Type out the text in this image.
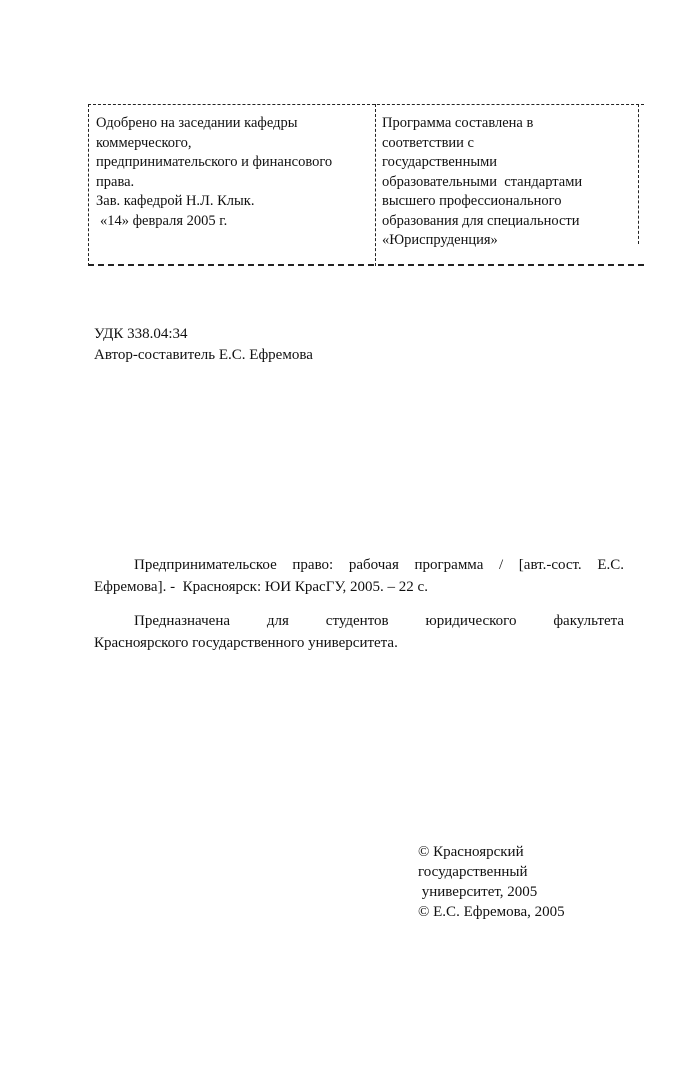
Одобрено на заседании кафедры
коммерческого,
предпринимательского и финансового
права.
Зав. кафедрой Н.Л. Клык.
«14» февраля 2005 г.
Программа составлена в
соответствии с
государственными
образовательными  стандартами
высшего профессионального
образования для специальности
«Юриспруденция»
УДК 338.04:34
Автор-составитель Е.С. Ефремова
Предпринимательское право: рабочая программа / [авт.-сост. Е.С.
Ефремова]. -  Красноярск: ЮИ КрасГУ, 2005. – 22 с.
Предназначена для студентов юридического факультета
Красноярского государственного университета.
© Красноярский
государственный
университет, 2005
© Е.С. Ефремова, 2005
